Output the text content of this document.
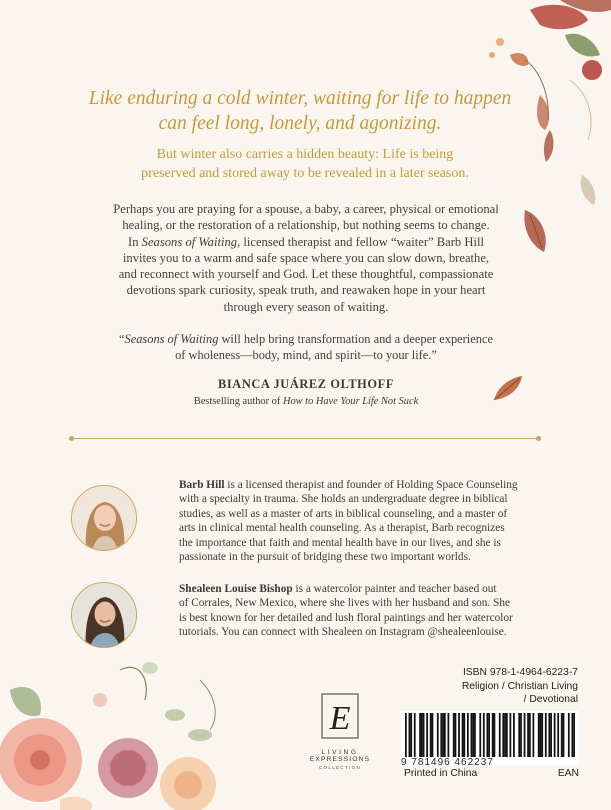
Like enduring a cold winter, waiting for life to happen
can feel long, lonely, and agonizing.
But winter also carries a hidden beauty: Life is being
preserved and stored away to be revealed in a later season.

Perhaps you are praying for a spouse, a baby, a career, physical or emotional

healing, or the restoration of a relationship, but nothing seems to change.

In Seasons of Waiting, licensed therapist and fellow “waiter” Barb Hill

invites you to a warm and safe space where you can slow down, breathe,

and reconnect with yourself and God. Let these thoughtful, compassionate

devotions spark curiosity, speak truth, and reawaken hope in your heart

through every season of waiting.

“Seasons of Waiting will help bring transformation and a deeper experience
of wholeness—body, mind, and spirit—to your life.”
BIANCA JUÁREZ OLTHOFF
Bestselling author of How to Have Your Life Not Suck
Barb Hill is a licensed therapist and founder of Holding Space Counseling
with a specialty in trauma. She holds an undergraduate degree in biblical
studies, as well as a master of arts in biblical counseling, and a master of
arts in clinical mental health counseling. As a therapist, Barb recognizes
the importance that faith and mental health have in our lives, and she is
passionate in the pursuit of bridging these two important worlds.
Shealeen Louise Bishop is a watercolor painter and teacher based out
of Corrales, New Mexico, where she lives with her husband and son. She
is best known for her detailed and lush floral paintings and her watercolor
tutorials. You can connect with Shealeen on Instagram @shealeenlouise.
E
LIVING
EXPRESSIONS
COLLECTION
ISBN 978-1-4964-6223-7
Religion / Christian Living
/ Devotional
9 781496 462237
Printed in China	EAN
